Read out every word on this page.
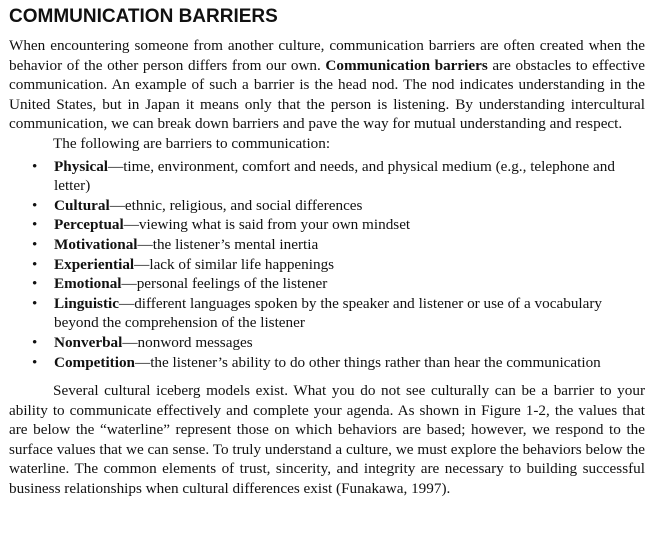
COMMUNICATION BARRIERS

When encountering someone from another culture, communication barriers are often created when the behavior of the other person differs from our own. Communication barriers are obstacles to effective communication. An example of such a barrier is the head nod. The nod indicates understanding in the United States, but in Japan it means only that the person is listening. By understanding intercultural communication, we can break down barriers and pave the way for mutual understanding and respect.

The following are barriers to communication:

• Physical—time, environment, comfort and needs, and physical medium (e.g., telephone and letter)
• Cultural—ethnic, religious, and social differences
• Perceptual—viewing what is said from your own mindset
• Motivational—the listener’s mental inertia
• Experiential—lack of similar life happenings
• Emotional—personal feelings of the listener
• Linguistic—different languages spoken by the speaker and listener or use of a vocabulary beyond the comprehension of the listener
• Nonverbal—nonword messages
• Competition—the listener’s ability to do other things rather than hear the communication

Several cultural iceberg models exist. What you do not see culturally can be a barrier to your ability to communicate effectively and complete your agenda. As shown in Figure 1-2, the values that are below the “waterline” represent those on which behaviors are based; however, we respond to the surface values that we can sense. To truly understand a culture, we must explore the behaviors below the waterline. The common elements of trust, sincerity, and integrity are necessary to building successful business relationships when cultural differences exist (Funakawa, 1997).
